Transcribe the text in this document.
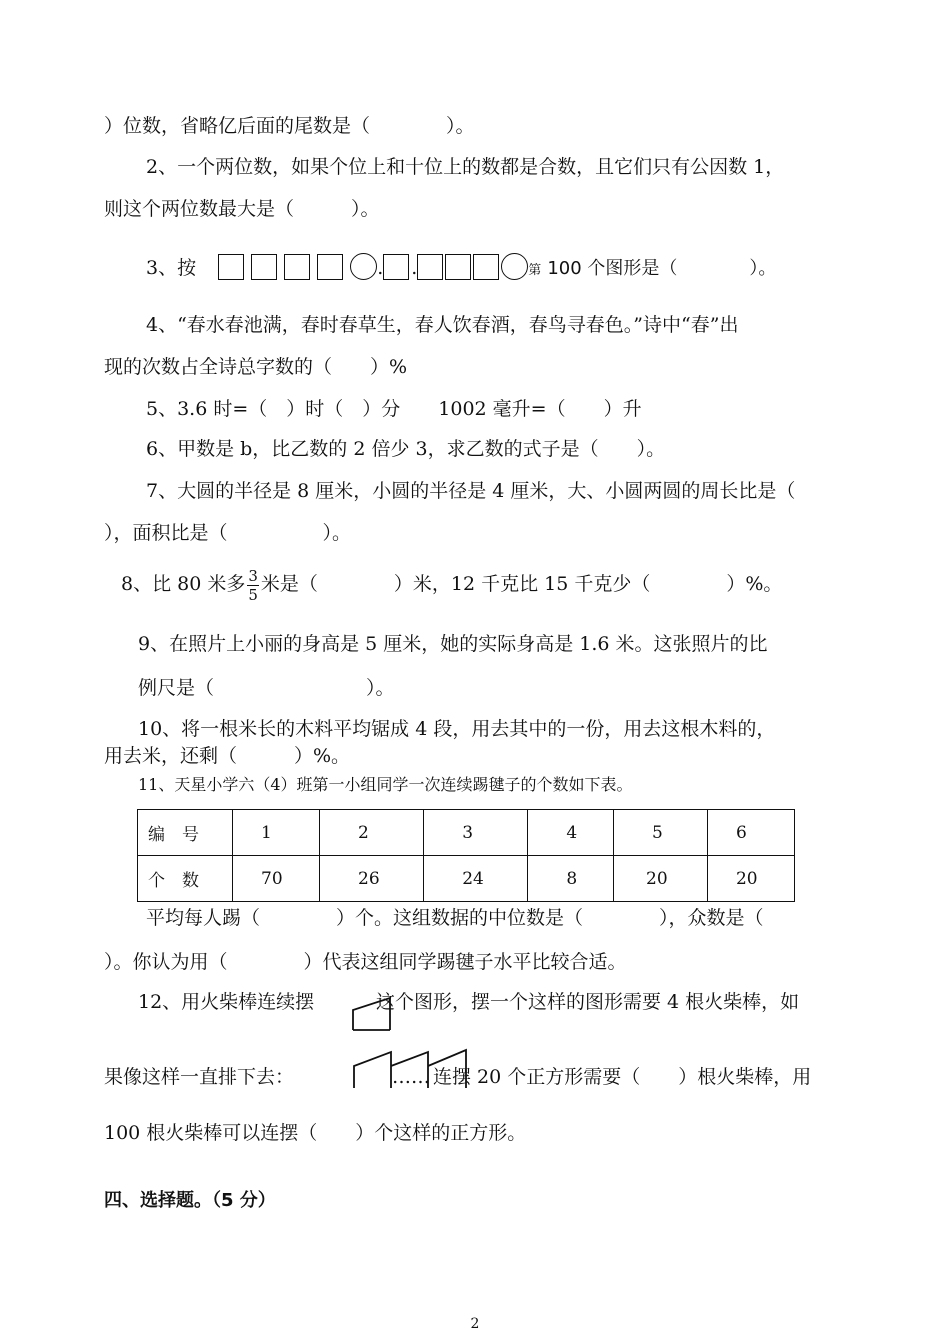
）位数，省略亿后面的尾数是（　　　　）。
2、一个两位数，如果个位上和十位上的数都是合数，且它们只有公因数 1，
则这个两位数最大是（　　　）。
3、按	. .	第 100 个图形是（　　　　）。
4、“春水春池满，春时春草生，春人饮春酒，春鸟寻春色。”诗中“春”出
现的次数占全诗总字数的（　　）%
5、3.6 时=（　）时（　）分　　1002 毫升=（　　）升
6、甲数是 b，比乙数的 2 倍少 3，求乙数的式子是（　　）。
7、大圆的半径是 8 厘米，小圆的半径是 4 厘米，大、小圆两圆的周长比是（
），面积比是（　　　　　）。
8、比 80 米多 $\frac{3}{5}$ 米是（　　　　）米，12 千克比 15 千克少（　　　　）%。
9、在照片上小丽的身高是 5 厘米，她的实际身高是 1.6 米。这张照片的比
例尺是（　　　　　　　　）。
10、将一根米长的木料平均锯成 4 段，用去其中的一份，用去这根木料的，
用去米，还剩（　　　）%。
11、天星小学六（4）班第一小组同学一次连续踢毽子的个数如下表。
编　号	1	2	3	4	5	6
个　数	70	26	24	8	20	20
平均每人踢（　　　　）个。这组数据的中位数是（　　　　），众数是（
）。你认为用（　　　　）代表这组同学踢毽子水平比较合适。
12、用火柴棒连续摆	这个图形，摆一个这样的图形需要 4 根火柴棒，如
果像这样一直排下去：	…… 连摆 20 个正方形需要（　　）根火柴棒，用
100 根火柴棒可以连摆（　　）个这样的正方形。
四、选择题。（5 分）
2
